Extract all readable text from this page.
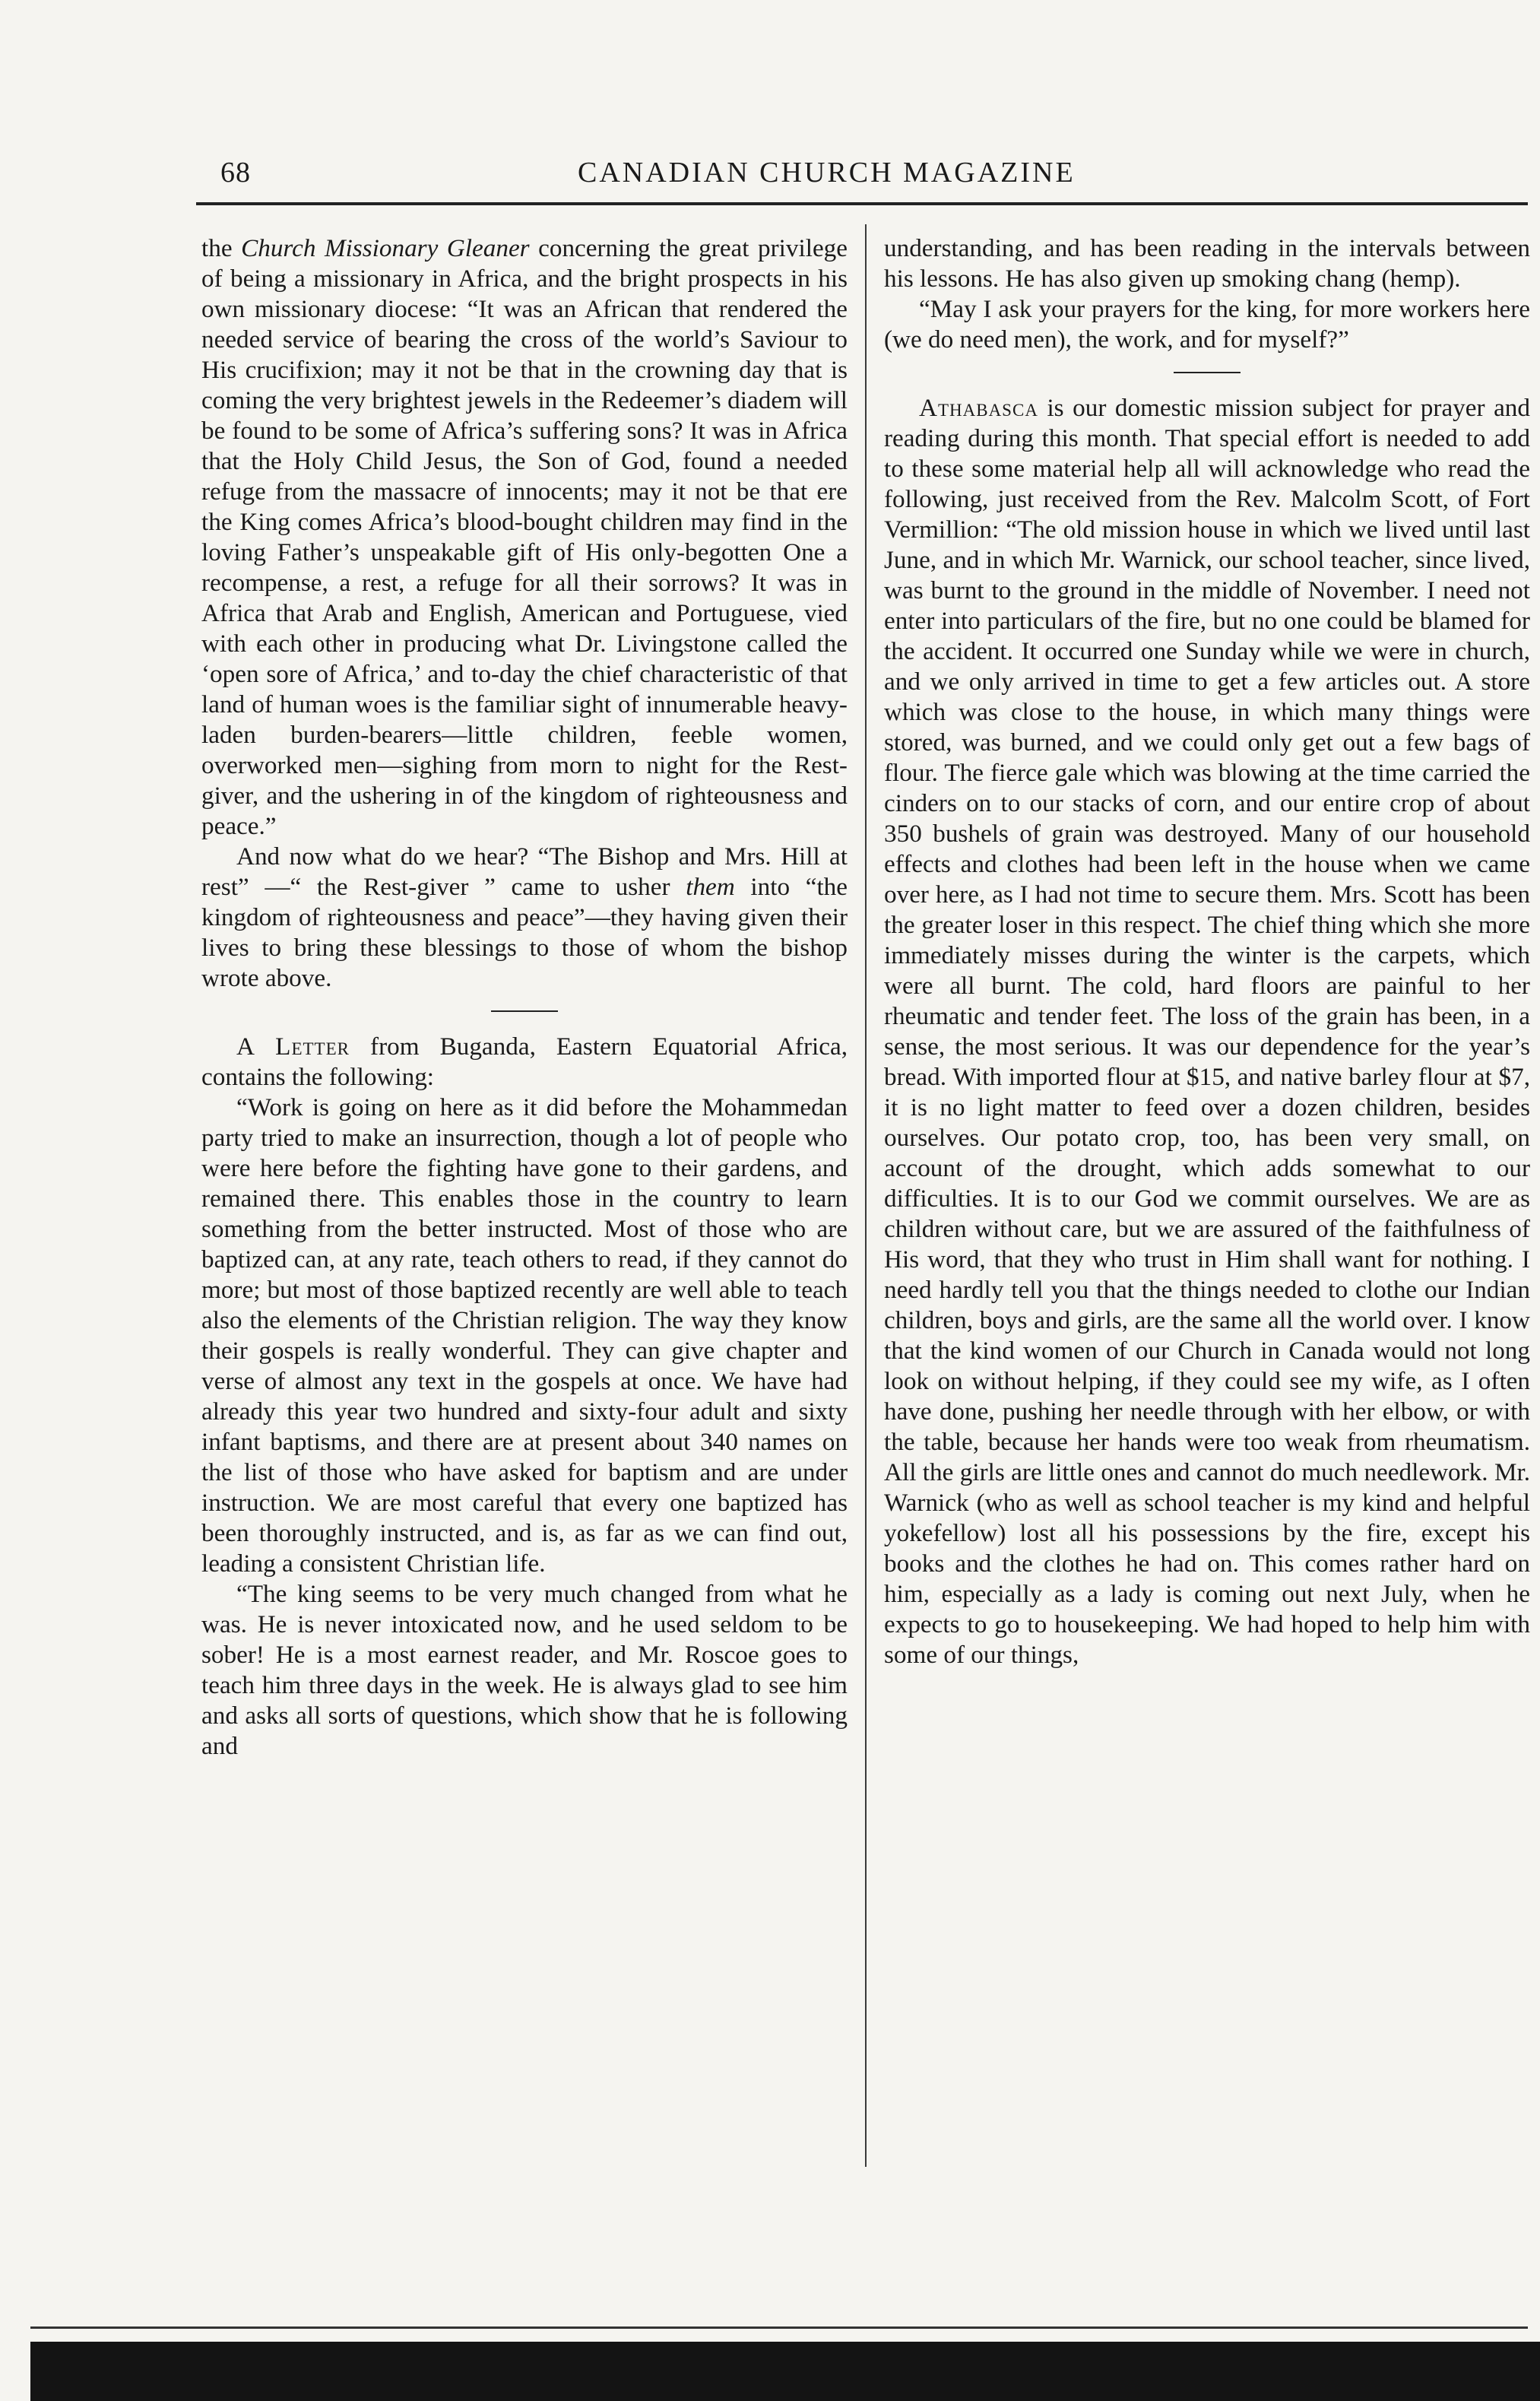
68	CANADIAN CHURCH MAGAZINE

the Church Missionary Gleaner concerning the great privilege of being a missionary in Africa, and the bright prospects in his own missionary diocese: “It was an African that rendered the needed service of bearing the cross of the world’s Saviour to His crucifixion; may it not be that in the crowning day that is coming the very brightest jewels in the Redeemer’s diadem will be found to be some of Africa’s suffering sons? It was in Africa that the Holy Child Jesus, the Son of God, found a needed refuge from the massacre of innocents; may it not be that ere the King comes Africa’s blood-bought children may find in the loving Father’s unspeakable gift of His only-begotten One a recompense, a rest, a refuge for all their sorrows? It was in Africa that Arab and English, American and Portuguese, vied with each other in producing what Dr. Livingstone called the ‘open sore of Africa,’ and to-day the chief characteristic of that land of human woes is the familiar sight of innumerable heavy-laden burden-bearers—little children, feeble women, overworked men—sighing from morn to night for the Rest-giver, and the ushering in of the kingdom of righteousness and peace.”

And now what do we hear? “The Bishop and Mrs. Hill at rest” —“ the Rest-giver ” came to usher them into “the kingdom of righteousness and peace”—they having given their lives to bring these blessings to those of whom the bishop wrote above.

A Letter from Buganda, Eastern Equatorial Africa, contains the following:

“Work is going on here as it did before the Mohammedan party tried to make an insurrection, though a lot of people who were here before the fighting have gone to their gardens, and remained there. This enables those in the country to learn something from the better instructed. Most of those who are baptized can, at any rate, teach others to read, if they cannot do more; but most of those baptized recently are well able to teach also the elements of the Christian religion. The way they know their gospels is really wonderful. They can give chapter and verse of almost any text in the gospels at once. We have had already this year two hundred and sixty-four adult and sixty infant baptisms, and there are at present about 340 names on the list of those who have asked for baptism and are under instruction. We are most careful that every one baptized has been thoroughly instructed, and is, as far as we can find out, leading a consistent Christian life.

“The king seems to be very much changed from what he was. He is never intoxicated now, and he used seldom to be sober! He is a most earnest reader, and Mr. Roscoe goes to teach him three days in the week. He is always glad to see him and asks all sorts of questions, which show that he is following and

understanding, and has been reading in the intervals between his lessons. He has also given up smoking chang (hemp).

“May I ask your prayers for the king, for more workers here (we do need men), the work, and for myself?”

Athabasca is our domestic mission subject for prayer and reading during this month. That special effort is needed to add to these some material help all will acknowledge who read the following, just received from the Rev. Malcolm Scott, of Fort Vermillion: “The old mission house in which we lived until last June, and in which Mr. Warnick, our school teacher, since lived, was burnt to the ground in the middle of November. I need not enter into particulars of the fire, but no one could be blamed for the accident. It occurred one Sunday while we were in church, and we only arrived in time to get a few articles out. A store which was close to the house, in which many things were stored, was burned, and we could only get out a few bags of flour. The fierce gale which was blowing at the time carried the cinders on to our stacks of corn, and our entire crop of about 350 bushels of grain was destroyed. Many of our household effects and clothes had been left in the house when we came over here, as I had not time to secure them. Mrs. Scott has been the greater loser in this respect. The chief thing which she more immediately misses during the winter is the carpets, which were all burnt. The cold, hard floors are painful to her rheumatic and tender feet. The loss of the grain has been, in a sense, the most serious. It was our dependence for the year’s bread. With imported flour at $15, and native barley flour at $7, it is no light matter to feed over a dozen children, besides ourselves. Our potato crop, too, has been very small, on account of the drought, which adds somewhat to our difficulties. It is to our God we commit ourselves. We are as children without care, but we are assured of the faithfulness of His word, that they who trust in Him shall want for nothing. I need hardly tell you that the things needed to clothe our Indian children, boys and girls, are the same all the world over. I know that the kind women of our Church in Canada would not long look on without helping, if they could see my wife, as I often have done, pushing her needle through with her elbow, or with the table, because her hands were too weak from rheumatism. All the girls are little ones and cannot do much needlework. Mr. Warnick (who as well as school teacher is my kind and helpful yokefellow) lost all his possessions by the fire, except his books and the clothes he had on. This comes rather hard on him, especially as a lady is coming out next July, when he expects to go to housekeeping. We had hoped to help him with some of our things,
